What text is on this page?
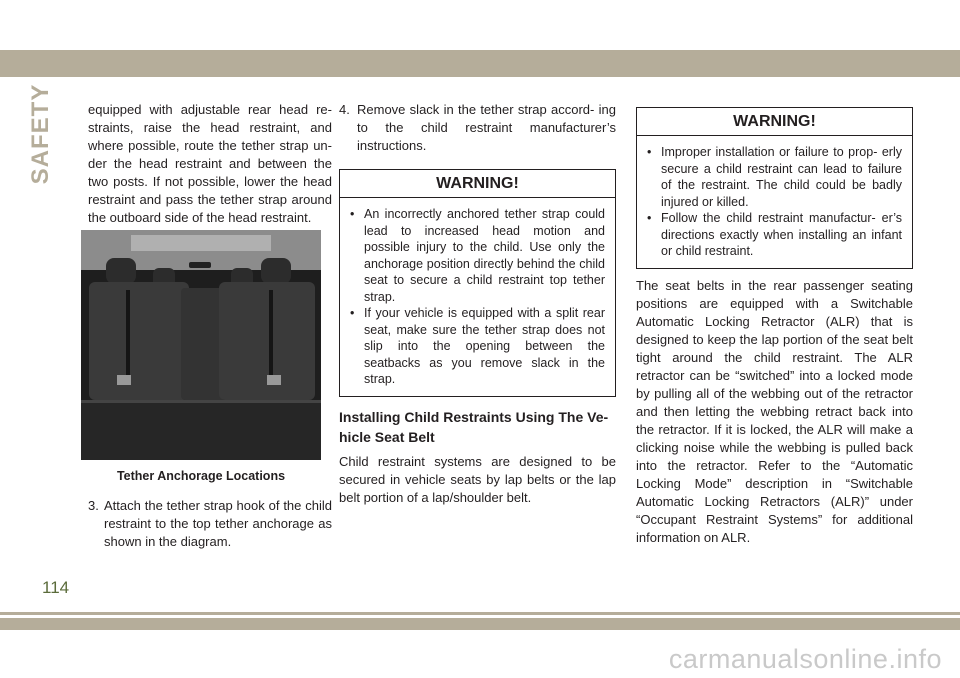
SAFETY	equipped with adjustable rear head re- straints, raise the head restraint, and where possible, route the tether strap un- der the head restraint and between the two posts. If not possible, lower the head restraint and pass the tether strap around the outboard side of the head restraint.

Tether Anchorage Locations
3. Attach the tether strap hook of the child restraint to the top tether anchorage as shown in the diagram.
4. Remove slack in the tether strap accord- ing to the child restraint manufacturer’s instructions.
WARNING!
• An incorrectly anchored tether strap could lead to increased head motion and possible injury to the child. Use only the anchorage position directly behind the child seat to secure a child restraint top tether strap.
• If your vehicle is equipped with a split rear seat, make sure the tether strap does not slip into the opening between the seatbacks as you remove slack in the strap.
Installing Child Restraints Using The Ve- hicle Seat Belt

Child restraint systems are designed to be secured in vehicle seats by lap belts or the lap belt portion of a lap/shoulder belt.

WARNING!
• Improper installation or failure to prop- erly secure a child restraint can lead to failure of the restraint. The child could be badly injured or killed.
• Follow the child restraint manufactur- er’s directions exactly when installing an infant or child restraint.

The seat belts in the rear passenger seating positions are equipped with a Switchable Automatic Locking Retractor (ALR) that is designed to keep the lap portion of the seat belt tight around the child restraint. The ALR retractor can be “switched” into a locked mode by pulling all of the webbing out of the retractor and then letting the webbing retract back into the retractor. If it is locked, the ALR will make a clicking noise while the webbing is pulled back into the retractor. Refer to the “Automatic Locking Mode” description in “Switchable Automatic Locking Retractors (ALR)” under “Occupant Restraint Systems” for additional information on ALR.

114
carmanualsonline.info
